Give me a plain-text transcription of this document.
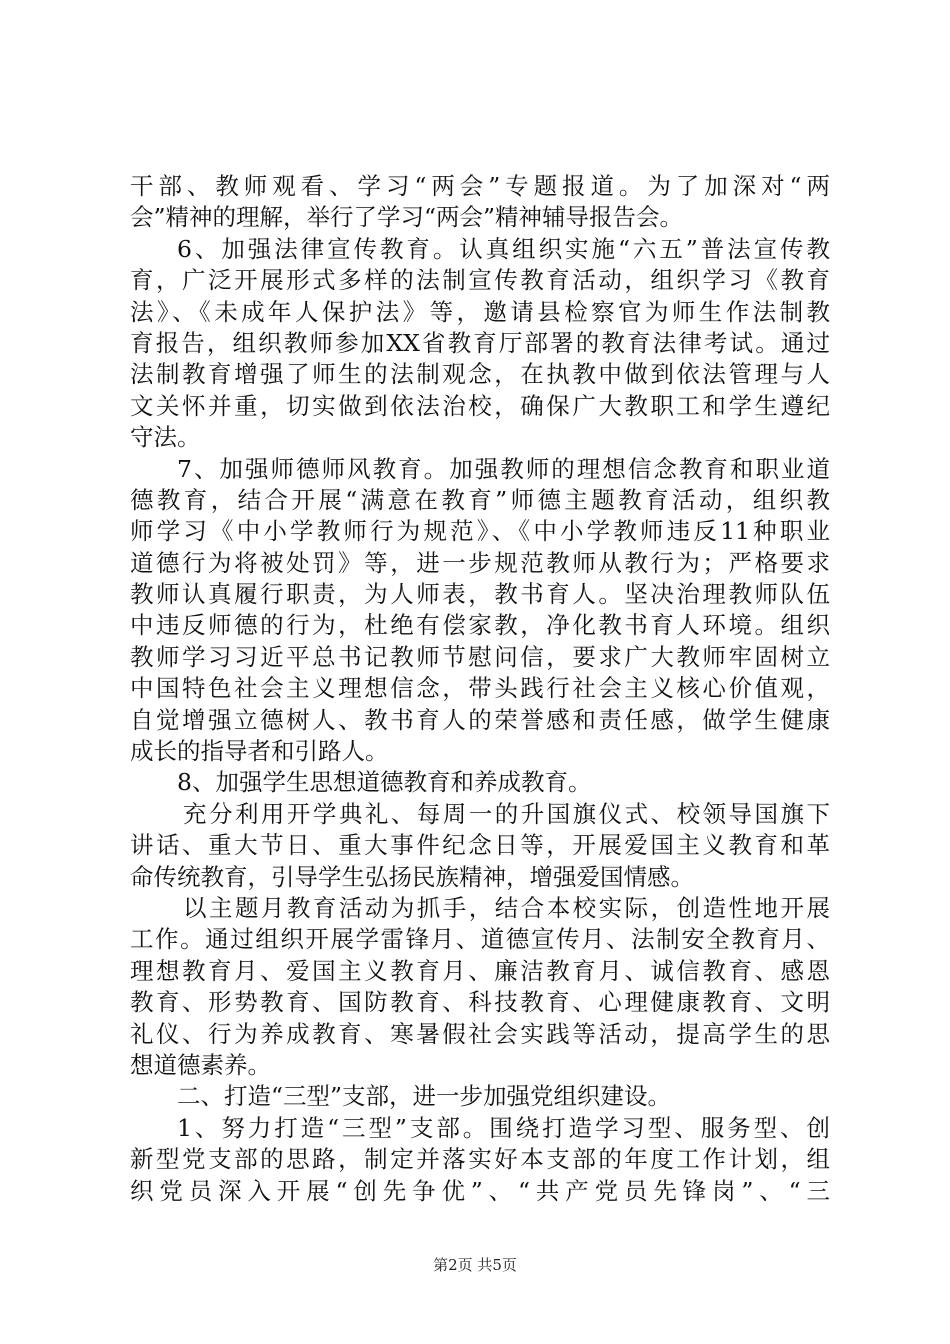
干部、教师观看、学习“两会”专题报道。为了加深对“两
会”精神的理解，举行了学习“两会”精神辅导报告会。
6、加强法律宣传教育。认真组织实施“六五”普法宣传教
育，广泛开展形式多样的法制宣传教育活动，组织学习《教育
法》、《未成年人保护法》等，邀请县检察官为师生作法制教
育报告，组织教师参加XX省教育厅部署的教育法律考试。通过
法制教育增强了师生的法制观念，在执教中做到依法管理与人
文关怀并重，切实做到依法治校，确保广大教职工和学生遵纪
守法。
7、加强师德师风教育。加强教师的理想信念教育和职业道
德教育，结合开展“满意在教育”师德主题教育活动，组织教
师学习《中小学教师行为规范》、《中小学教师违反11种职业
道德行为将被处罚》等，进一步规范教师从教行为；严格要求
教师认真履行职责，为人师表，教书育人。坚决治理教师队伍
中违反师德的行为，杜绝有偿家教，净化教书育人环境。组织
教师学习习近平总书记教师节慰问信，要求广大教师牢固树立
中国特色社会主义理想信念，带头践行社会主义核心价值观，
自觉增强立德树人、教书育人的荣誉感和责任感，做学生健康
成长的指导者和引路人。
8、加强学生思想道德教育和养成教育。
充分利用开学典礼、每周一的升国旗仪式、校领导国旗下
讲话、重大节日、重大事件纪念日等，开展爱国主义教育和革
命传统教育，引导学生弘扬民族精神，增强爱国情感。
以主题月教育活动为抓手，结合本校实际，创造性地开展
工作。通过组织开展学雷锋月、道德宣传月、法制安全教育月、
理想教育月、爱国主义教育月、廉洁教育月、诚信教育、感恩
教育、形势教育、国防教育、科技教育、心理健康教育、文明
礼仪、行为养成教育、寒暑假社会实践等活动，提高学生的思
想道德素养。
二、打造“三型”支部，进一步加强党组织建设。
1、努力打造“三型”支部。围绕打造学习型、服务型、创
新型党支部的思路，制定并落实好本支部的年度工作计划，组
织党员深入开展“创先争优”、“共产党员先锋岗”、“三
第2页 共5页
